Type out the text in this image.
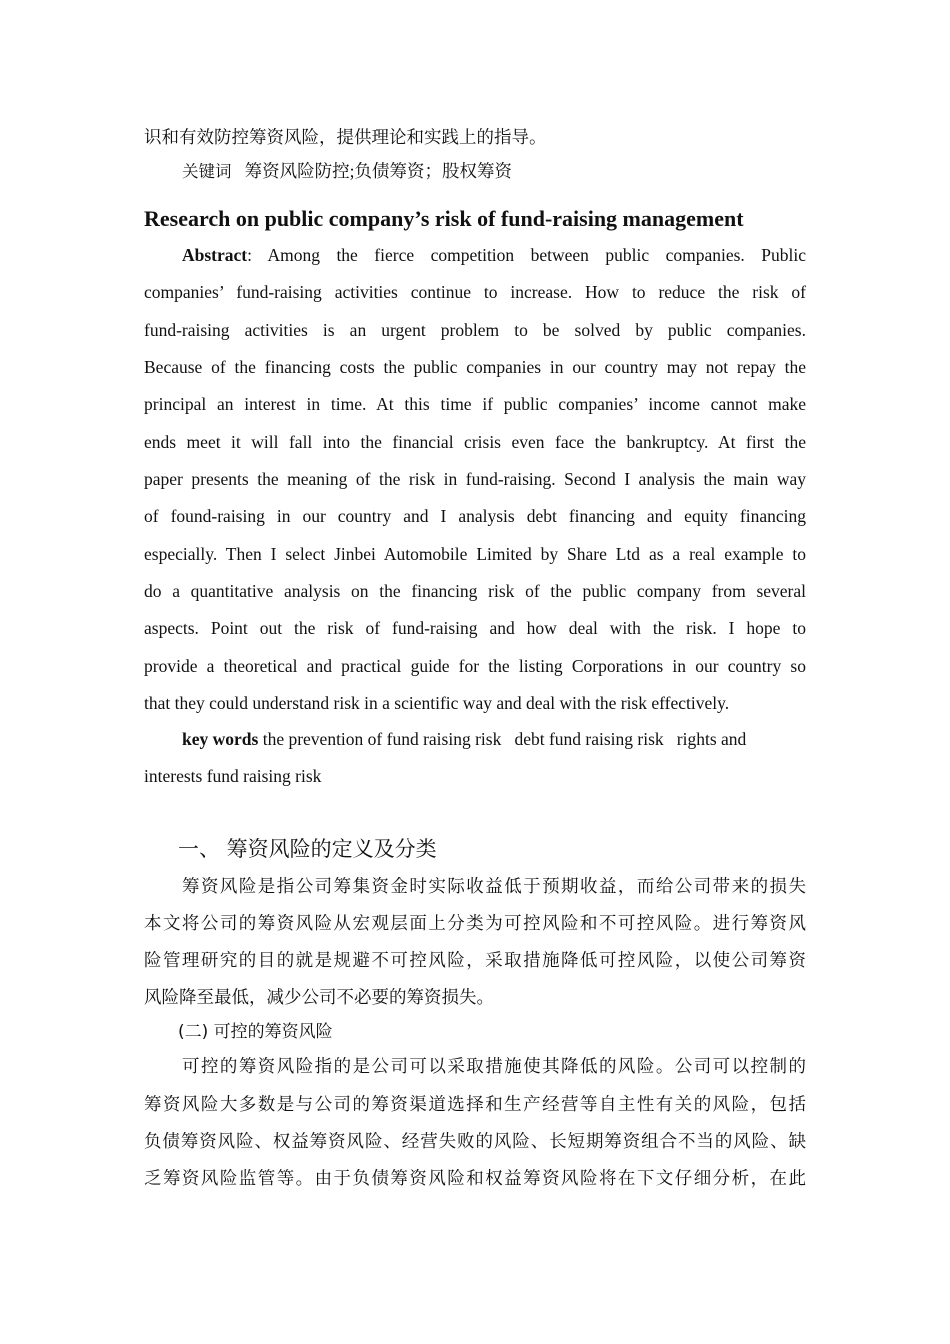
识和有效防控筹资风险，提供理论和实践上的指导。
关键词 筹资风险防控;负债筹资；股权筹资
Research on public company’s risk of fund-raising management
Abstract: Among the fierce competition between public companies. Public
companies’ fund-raising activities continue to increase. How to reduce the risk of
fund-raising activities is an urgent problem to be solved by public companies.
Because of the financing costs the public companies in our country may not repay the
principal an interest in time. At this time if public companies’ income cannot make
ends meet it will fall into the financial crisis even face the bankruptcy. At first the
paper presents the meaning of the risk in fund-raising. Second I analysis the main way
of found-raising in our country and I analysis debt financing and equity financing
especially. Then I select Jinbei Automobile Limited by Share Ltd as a real example to
do a quantitative analysis on the financing risk of the public company from several
aspects. Point out the risk of fund-raising and how deal with the risk. I hope to
provide a theoretical and practical guide for the listing Corporations in our country so
that they could understand risk in a scientific way and deal with the risk effectively.
key words the prevention of fund raising risk   debt fund raising risk   rights and
interests fund raising risk
一、 筹资风险的定义及分类
筹资风险是指公司筹集资金时实际收益低于预期收益，而给公司带来的损失
本文将公司的筹资风险从宏观层面上分类为可控风险和不可控风险。进行筹资风
险管理研究的目的就是规避不可控风险，采取措施降低可控风险，以使公司筹资
风险降至最低，减少公司不必要的筹资损失。
(二) 可控的筹资风险
可控的筹资风险指的是公司可以采取措施使其降低的风险。公司可以控制的
筹资风险大多数是与公司的筹资渠道选择和生产经营等自主性有关的风险，包括
负债筹资风险、权益筹资风险、经营失败的风险、长短期筹资组合不当的风险、缺
乏筹资风险监管等。由于负债筹资风险和权益筹资风险将在下文仔细分析，在此
